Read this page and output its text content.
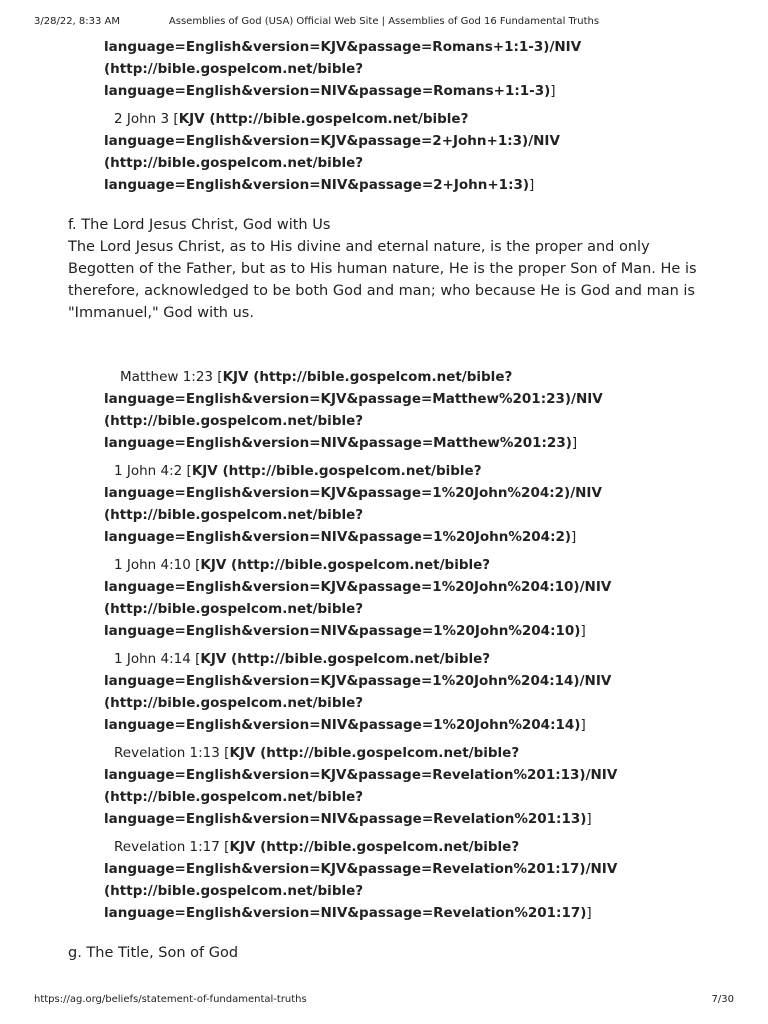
3/28/22, 8:33 AM	Assemblies of God (USA) Official Web Site | Assemblies of God 16 Fundamental Truths

language=English&version=KJV&passage=Romans+1:1-3)/NIV

(http://bible.gospelcom.net/bible?

language=English&version=NIV&passage=Romans+1:1-3)]

2 John 3 [KJV (http://bible.gospelcom.net/bible?

language=English&version=KJV&passage=2+John+1:3)/NIV

(http://bible.gospelcom.net/bible?

language=English&version=NIV&passage=2+John+1:3)]

f. The Lord Jesus Christ, God with Us

The Lord Jesus Christ, as to His divine and eternal nature, is the proper and only Begotten of the Father, but as to His human nature, He is the proper Son of Man. He is therefore, acknowledged to be both God and man; who because He is God and man is "Immanuel," God with us.

Matthew 1:23 [KJV (http://bible.gospelcom.net/bible?

language=English&version=KJV&passage=Matthew%201:23)/NIV

(http://bible.gospelcom.net/bible?

language=English&version=NIV&passage=Matthew%201:23)]

1 John 4:2 [KJV (http://bible.gospelcom.net/bible?

language=English&version=KJV&passage=1%20John%204:2)/NIV

(http://bible.gospelcom.net/bible?

language=English&version=NIV&passage=1%20John%204:2)]

1 John 4:10 [KJV (http://bible.gospelcom.net/bible?

language=English&version=KJV&passage=1%20John%204:10)/NIV

(http://bible.gospelcom.net/bible?

language=English&version=NIV&passage=1%20John%204:10)]

1 John 4:14 [KJV (http://bible.gospelcom.net/bible?

language=English&version=KJV&passage=1%20John%204:14)/NIV

(http://bible.gospelcom.net/bible?

language=English&version=NIV&passage=1%20John%204:14)]

Revelation 1:13 [KJV (http://bible.gospelcom.net/bible?

language=English&version=KJV&passage=Revelation%201:13)/NIV

(http://bible.gospelcom.net/bible?

language=English&version=NIV&passage=Revelation%201:13)]

Revelation 1:17 [KJV (http://bible.gospelcom.net/bible?

language=English&version=KJV&passage=Revelation%201:17)/NIV

(http://bible.gospelcom.net/bible?

language=English&version=NIV&passage=Revelation%201:17)]

g. The Title, Son of God

https://ag.org/beliefs/statement-of-fundamental-truths	7/30
